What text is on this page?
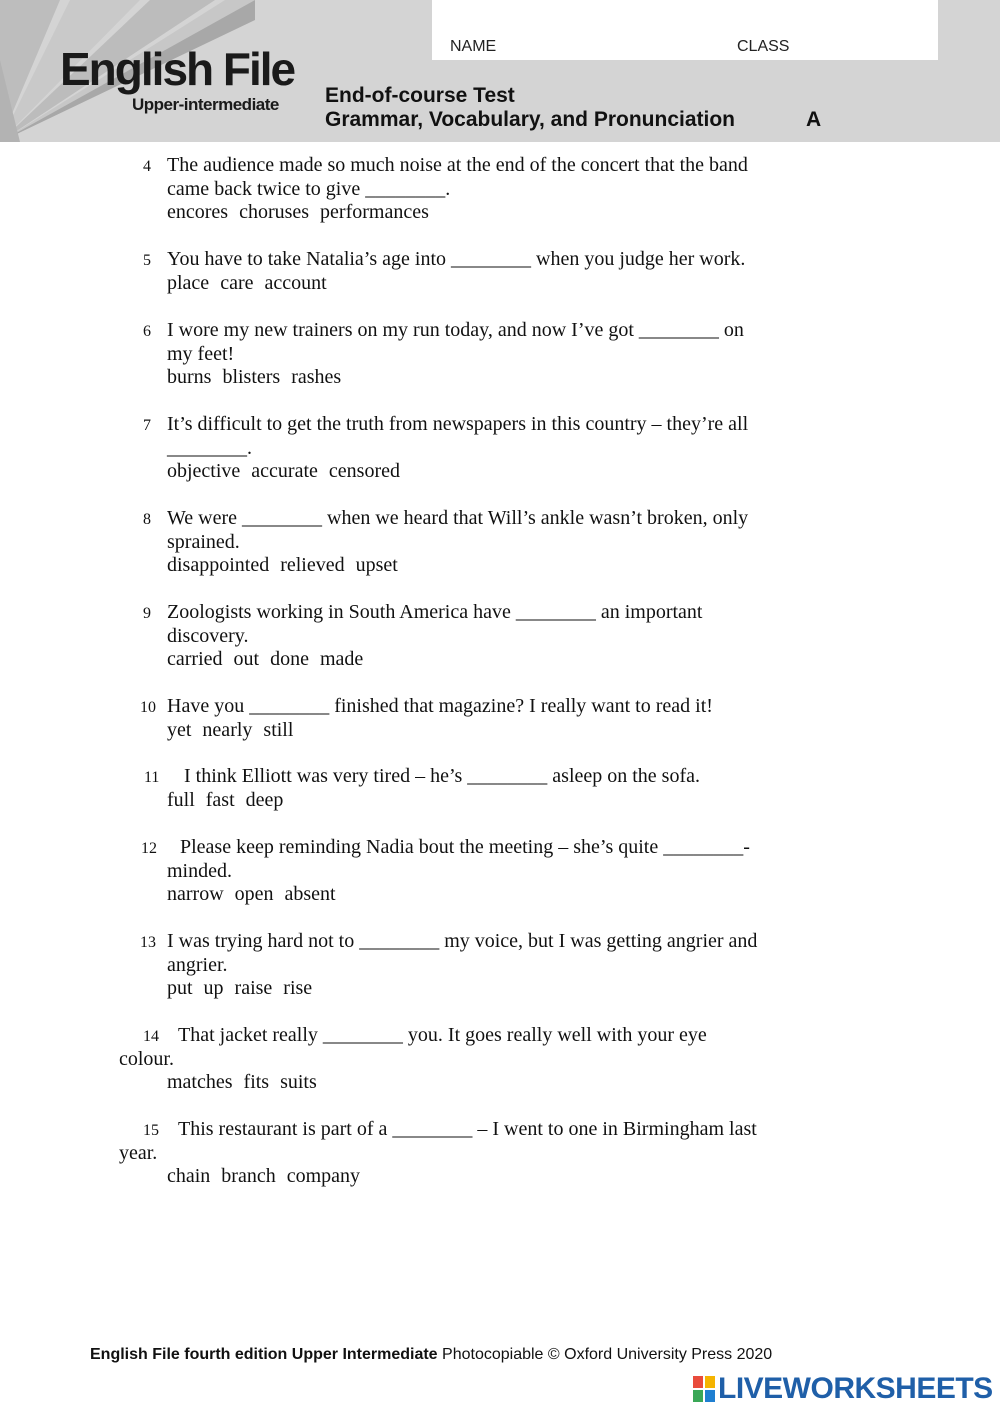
English File
Upper-intermediate
NAME	CLASS
End-of-course Test
Grammar, Vocabulary, and Pronunciation	A
4 The audience made so much noise at the end of the concert that the band
came back twice to give ________.
encores choruses performances
5 You have to take Natalia’s age into ________ when you judge her work.
place care account
6 I wore my new trainers on my run today, and now I’ve got ________ on
my feet!
burns blisters rashes
7 It’s difficult to get the truth from newspapers in this country – they’re all
________.
objective accurate censored
8 We were ________ when we heard that Will’s ankle wasn’t broken, only
sprained.
disappointed relieved upset
9 Zoologists working in South America have ________ an important
discovery.
carried out done made
10 Have you ________ finished that magazine? I really want to read it!
yet nearly still
11 I think Elliott was very tired – he’s ________ asleep on the sofa.
full fast deep
12 Please keep reminding Nadia bout the meeting – she’s quite ________-
minded.
narrow open absent
13 I was trying hard not to ________ my voice, but I was getting angrier and
angrier.
put up raise rise
14 That jacket really ________ you. It goes really well with your eye
colour.
matches fits suits
15 This restaurant is part of a ________ – I went to one in Birmingham last
year.
chain branch company
English File fourth edition Upper Intermediate Photocopiable © Oxford University Press 2020
LIVEWORKSHEETS
